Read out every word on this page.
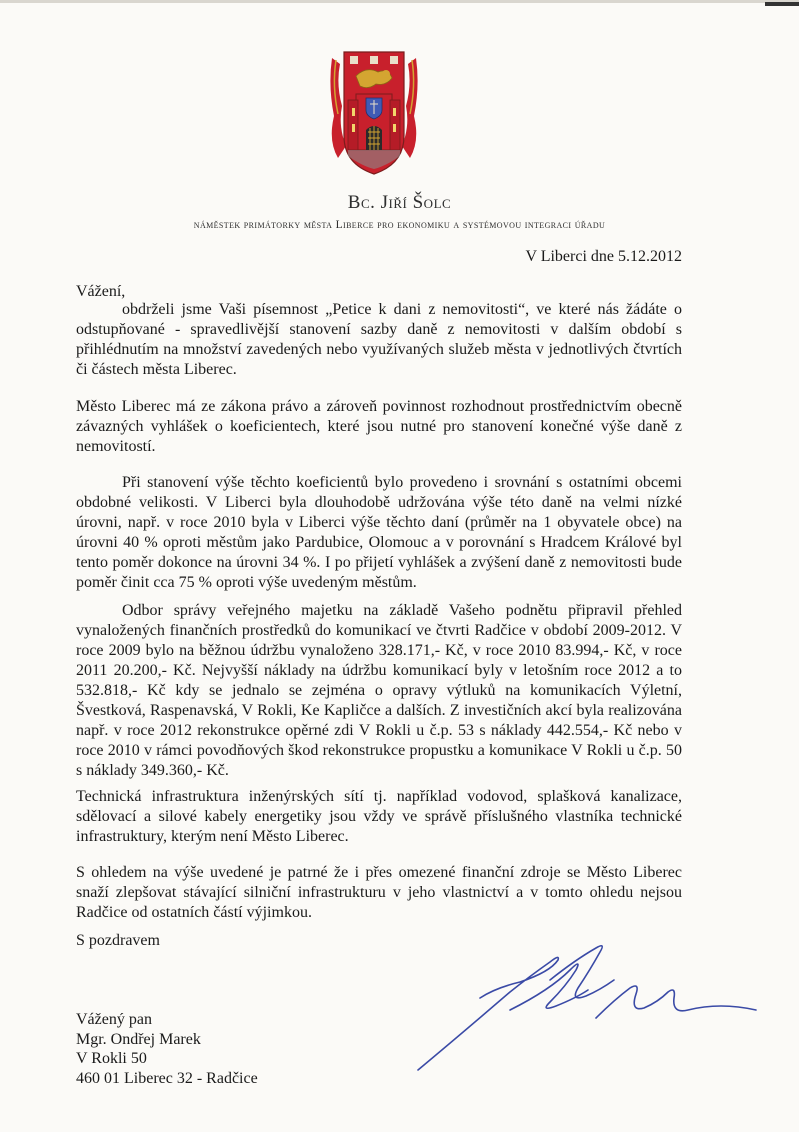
Bc. Jiří Šolc
náměstek primátorky města Liberce pro ekonomiku a systémovou integraci úřadu
V Liberci dne 5.12.2012
Vážení,

obdrželi jsme Vaši písemnost „Petice k dani z nemovitosti“, ve které nás žádáte o odstupňované - spravedlivější stanovení sazby daně z nemovitosti v dalším období s přihlédnutím na množství zavedených nebo využívaných služeb města v jednotlivých čtvrtích či částech města Liberec.

Město Liberec má ze zákona právo a zároveň povinnost rozhodnout prostřednictvím obecně závazných vyhlášek o koeficientech, které jsou nutné pro stanovení konečné výše daně z nemovitostí.

Při stanovení výše těchto koeficientů bylo provedeno i srovnání s ostatními obcemi obdobné velikosti. V Liberci byla dlouhodobě udržována výše této daně na velmi nízké úrovni, např. v roce 2010 byla v Liberci výše těchto daní (průměr na 1 obyvatele obce) na úrovni 40 % oproti městům jako Pardubice, Olomouc a v porovnání s Hradcem Králové byl tento poměr dokonce na úrovni 34 %. I po přijetí vyhlášek a zvýšení daně z nemovitosti bude poměr činit cca 75 % oproti výše uvedeným městům.

Odbor správy veřejného majetku na základě Vašeho podnětu připravil přehled vynaložených finančních prostředků do komunikací ve čtvrti Radčice v období 2009-2012. V roce 2009 bylo na běžnou údržbu vynaloženo 328.171,- Kč, v roce 2010 83.994,- Kč, v roce 2011 20.200,- Kč. Nejvyšší náklady na údržbu komunikací byly v letošním roce 2012 a to 532.818,- Kč kdy se jednalo se zejména o opravy výtluků na komunikacích Výletní, Švestková, Raspenavská, V Rokli, Ke Kapličce a dalších. Z investičních akcí byla realizována např. v roce 2012 rekonstrukce opěrné zdi V Rokli u č.p. 53 s náklady 442.554,- Kč nebo v roce 2010 v rámci povodňových škod rekonstrukce propustku a komunikace V Rokli u č.p. 50 s náklady 349.360,- Kč.

Technická infrastruktura inženýrských sítí tj. například vodovod, splašková kanalizace, sdělovací a silové kabely energetiky jsou vždy ve správě příslušného vlastníka technické infrastruktury, kterým není Město Liberec.

S ohledem na výše uvedené je patrné že i přes omezené finanční zdroje se Město Liberec snaží zlepšovat stávající silniční infrastrukturu v jeho vlastnictví a v tomto ohledu nejsou Radčice od ostatních částí výjimkou.

S pozdravem
Vážený pan
Mgr. Ondřej Marek
V Rokli 50
460 01 Liberec 32 - Radčice
